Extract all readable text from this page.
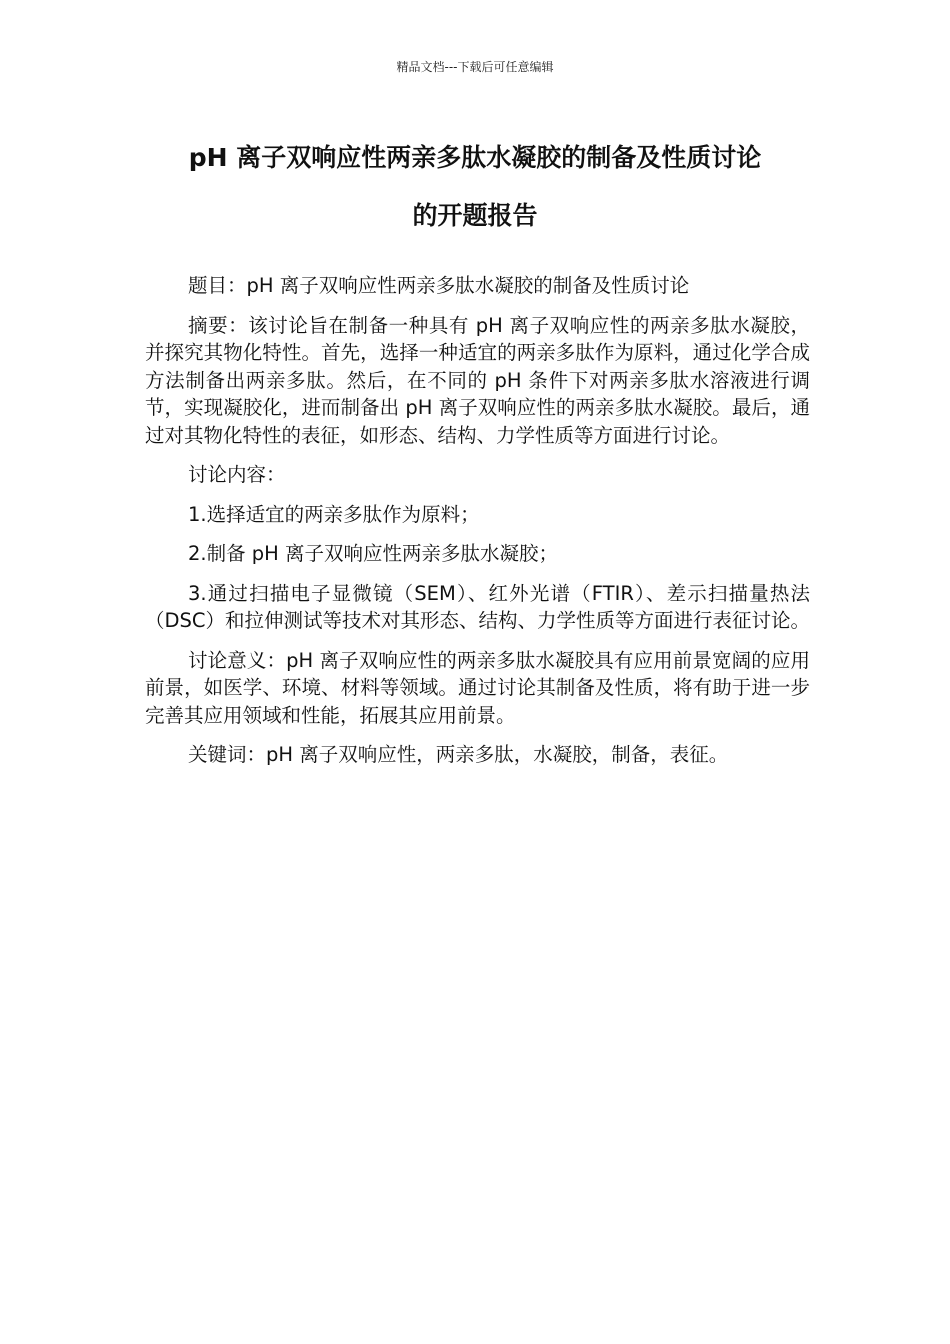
精品文档---下载后可任意编辑
pH 离子双响应性两亲多肽水凝胶的制备及性质讨论
的开题报告

题目：pH 离子双响应性两亲多肽水凝胶的制备及性质讨论

摘要：该讨论旨在制备一种具有 pH 离子双响应性的两亲多肽水凝胶，并探究其物化特性。首先，选择一种适宜的两亲多肽作为原料，通过化学合成方法制备出两亲多肽。然后，在不同的 pH 条件下对两亲多肽水溶液进行调节，实现凝胶化，进而制备出 pH 离子双响应性的两亲多肽水凝胶。最后，通过对其物化特性的表征，如形态、结构、力学性质等方面进行讨论。

讨论内容：

1.选择适宜的两亲多肽作为原料；

2.制备 pH 离子双响应性两亲多肽水凝胶；

3.通过扫描电子显微镜（SEM）、红外光谱（FTIR）、差示扫描量热法（DSC）和拉伸测试等技术对其形态、结构、力学性质等方面进行表征讨论。

讨论意义：pH 离子双响应性的两亲多肽水凝胶具有应用前景宽阔的应用前景，如医学、环境、材料等领域。通过讨论其制备及性质，将有助于进一步完善其应用领域和性能，拓展其应用前景。

关键词：pH 离子双响应性，两亲多肽，水凝胶，制备，表征。
